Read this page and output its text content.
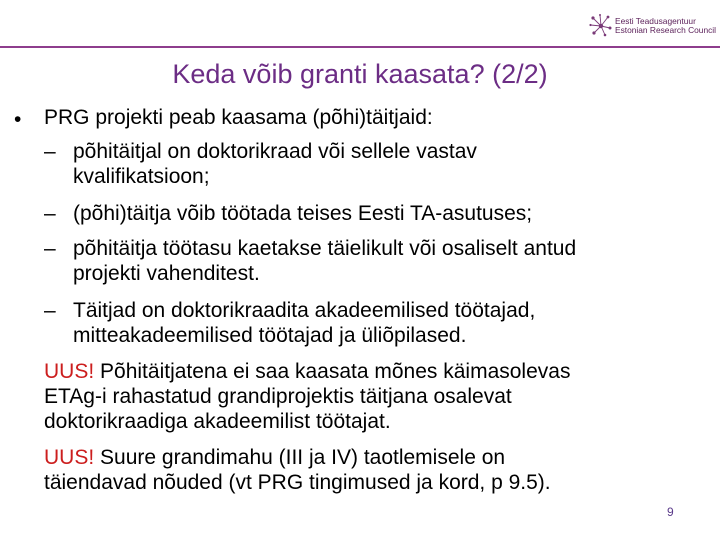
Eesti Teadusagentuur
Estonian Research Council
Keda võib granti kaasata? (2/2)
• PRG projekti peab kaasama (põhi)täitjaid:
– põhitäitjal on doktorikraad või sellele vastav
kvalifikatsioon;
– (põhi)täitja võib töötada teises Eesti TA-asutuses;
– põhitäitja töötasu kaetakse täielikult või osaliselt antud
projekti vahenditest.
– Täitjad on doktorikraadita akadeemilised töötajad,
mitteakadeemilised töötajad ja üliõpilased.
UUS! Põhitäitjatena ei saa kaasata mõnes käimasolevas
ETAg-i rahastatud grandiprojektis täitjana osalevat
doktorikraadiga akadeemilist töötajat.
UUS! Suure grandimahu (III ja IV) taotlemisele on
täiendavad nõuded (vt PRG tingimused ja kord, p 9.5).
9
